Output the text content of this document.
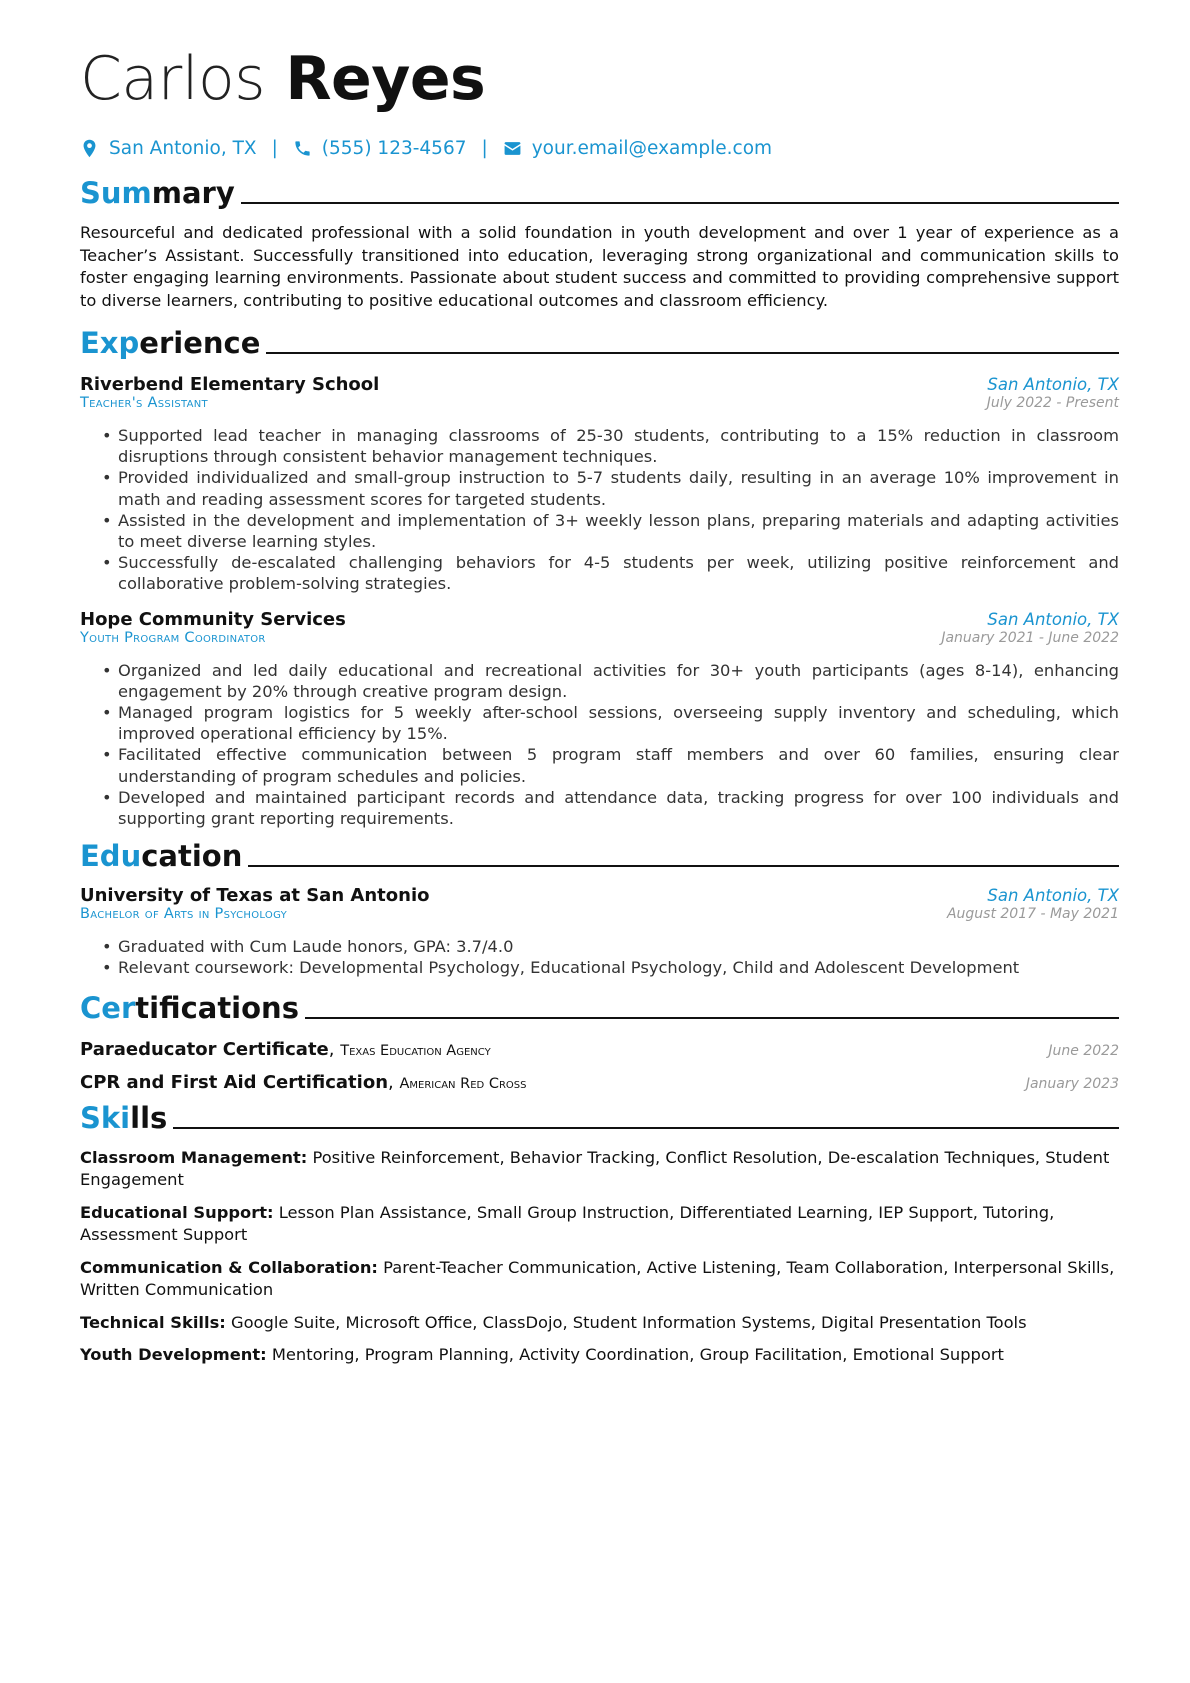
Carlos Reyes
San Antonio, TX | (555) 123-4567 | your.email@example.com
Summary
Resourceful and dedicated professional with a solid foundation in youth development and over 1 year of experience as a Teacher’s Assistant. Successfully transitioned into education, leveraging strong organizational and communication skills to foster engaging learning environments. Passionate about student success and committed to providing comprehensive support to diverse learners, contributing to positive educational outcomes and classroom efficiency.
Experience
Riverbend Elementary School	San Antonio, TX
Teacher's Assistant	July 2022 - Present
• Supported lead teacher in managing classrooms of 25-30 students, contributing to a 15% reduction in classroom disruptions through consistent behavior management techniques.
• Provided individualized and small-group instruction to 5-7 students daily, resulting in an average 10% improvement in math and reading assessment scores for targeted students.
• Assisted in the development and implementation of 3+ weekly lesson plans, preparing materials and adapting activities to meet diverse learning styles.
• Successfully de-escalated challenging behaviors for 4-5 students per week, utilizing positive reinforcement and collaborative problem-solving strategies.
Hope Community Services	San Antonio, TX
Youth Program Coordinator	January 2021 - June 2022
• Organized and led daily educational and recreational activities for 30+ youth participants (ages 8-14), enhancing engagement by 20% through creative program design.
• Managed program logistics for 5 weekly after-school sessions, overseeing supply inventory and scheduling, which improved operational efficiency by 15%.
• Facilitated effective communication between 5 program staff members and over 60 families, ensuring clear understanding of program schedules and policies.
• Developed and maintained participant records and attendance data, tracking progress for over 100 individuals and supporting grant reporting requirements.
Education
University of Texas at San Antonio	San Antonio, TX
Bachelor of Arts in Psychology	August 2017 - May 2021
• Graduated with Cum Laude honors, GPA: 3.7/4.0
• Relevant coursework: Developmental Psychology, Educational Psychology, Child and Adolescent Development
Certifications
Paraeducator Certificate, Texas Education Agency	June 2022
CPR and First Aid Certification, American Red Cross	January 2023
Skills
Classroom Management: Positive Reinforcement, Behavior Tracking, Conflict Resolution, De-escalation Techniques, Student Engagement
Educational Support: Lesson Plan Assistance, Small Group Instruction, Differentiated Learning, IEP Support, Tutoring, Assessment Support
Communication & Collaboration: Parent-Teacher Communication, Active Listening, Team Collaboration, Interpersonal Skills, Written Communication
Technical Skills: Google Suite, Microsoft Office, ClassDojo, Student Information Systems, Digital Presentation Tools
Youth Development: Mentoring, Program Planning, Activity Coordination, Group Facilitation, Emotional Support
